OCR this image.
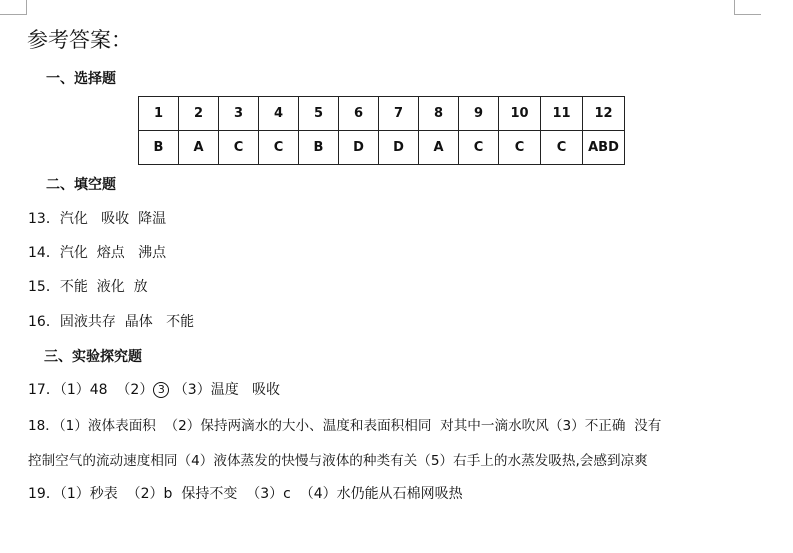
参考答案：
一、选择题
1	2	3	4	5	6	7	8	9	10	11	12
B	A	C	C	B	D	D	A	C	C	C	ABD
二、填空题
13．汽化   吸收  降温
14．汽化  熔点   沸点
15．不能  液化  放
16．固液共存  晶体   不能
三、实验探究题
17．（1）48  （2） 3 （3）温度   吸收
18．（1）液体表面积  （2）保持两滴水的大小、温度和表面积相同  对其中一滴水吹风（3）不正确  没有
控制空气的流动速度相同（4）液体蒸发的快慢与液体的种类有关（5）右手上的水蒸发吸热,会感到凉爽
19．（1）秒表  （2）b  保持不变  （3）c  （4）水仍能从石棉网吸热
